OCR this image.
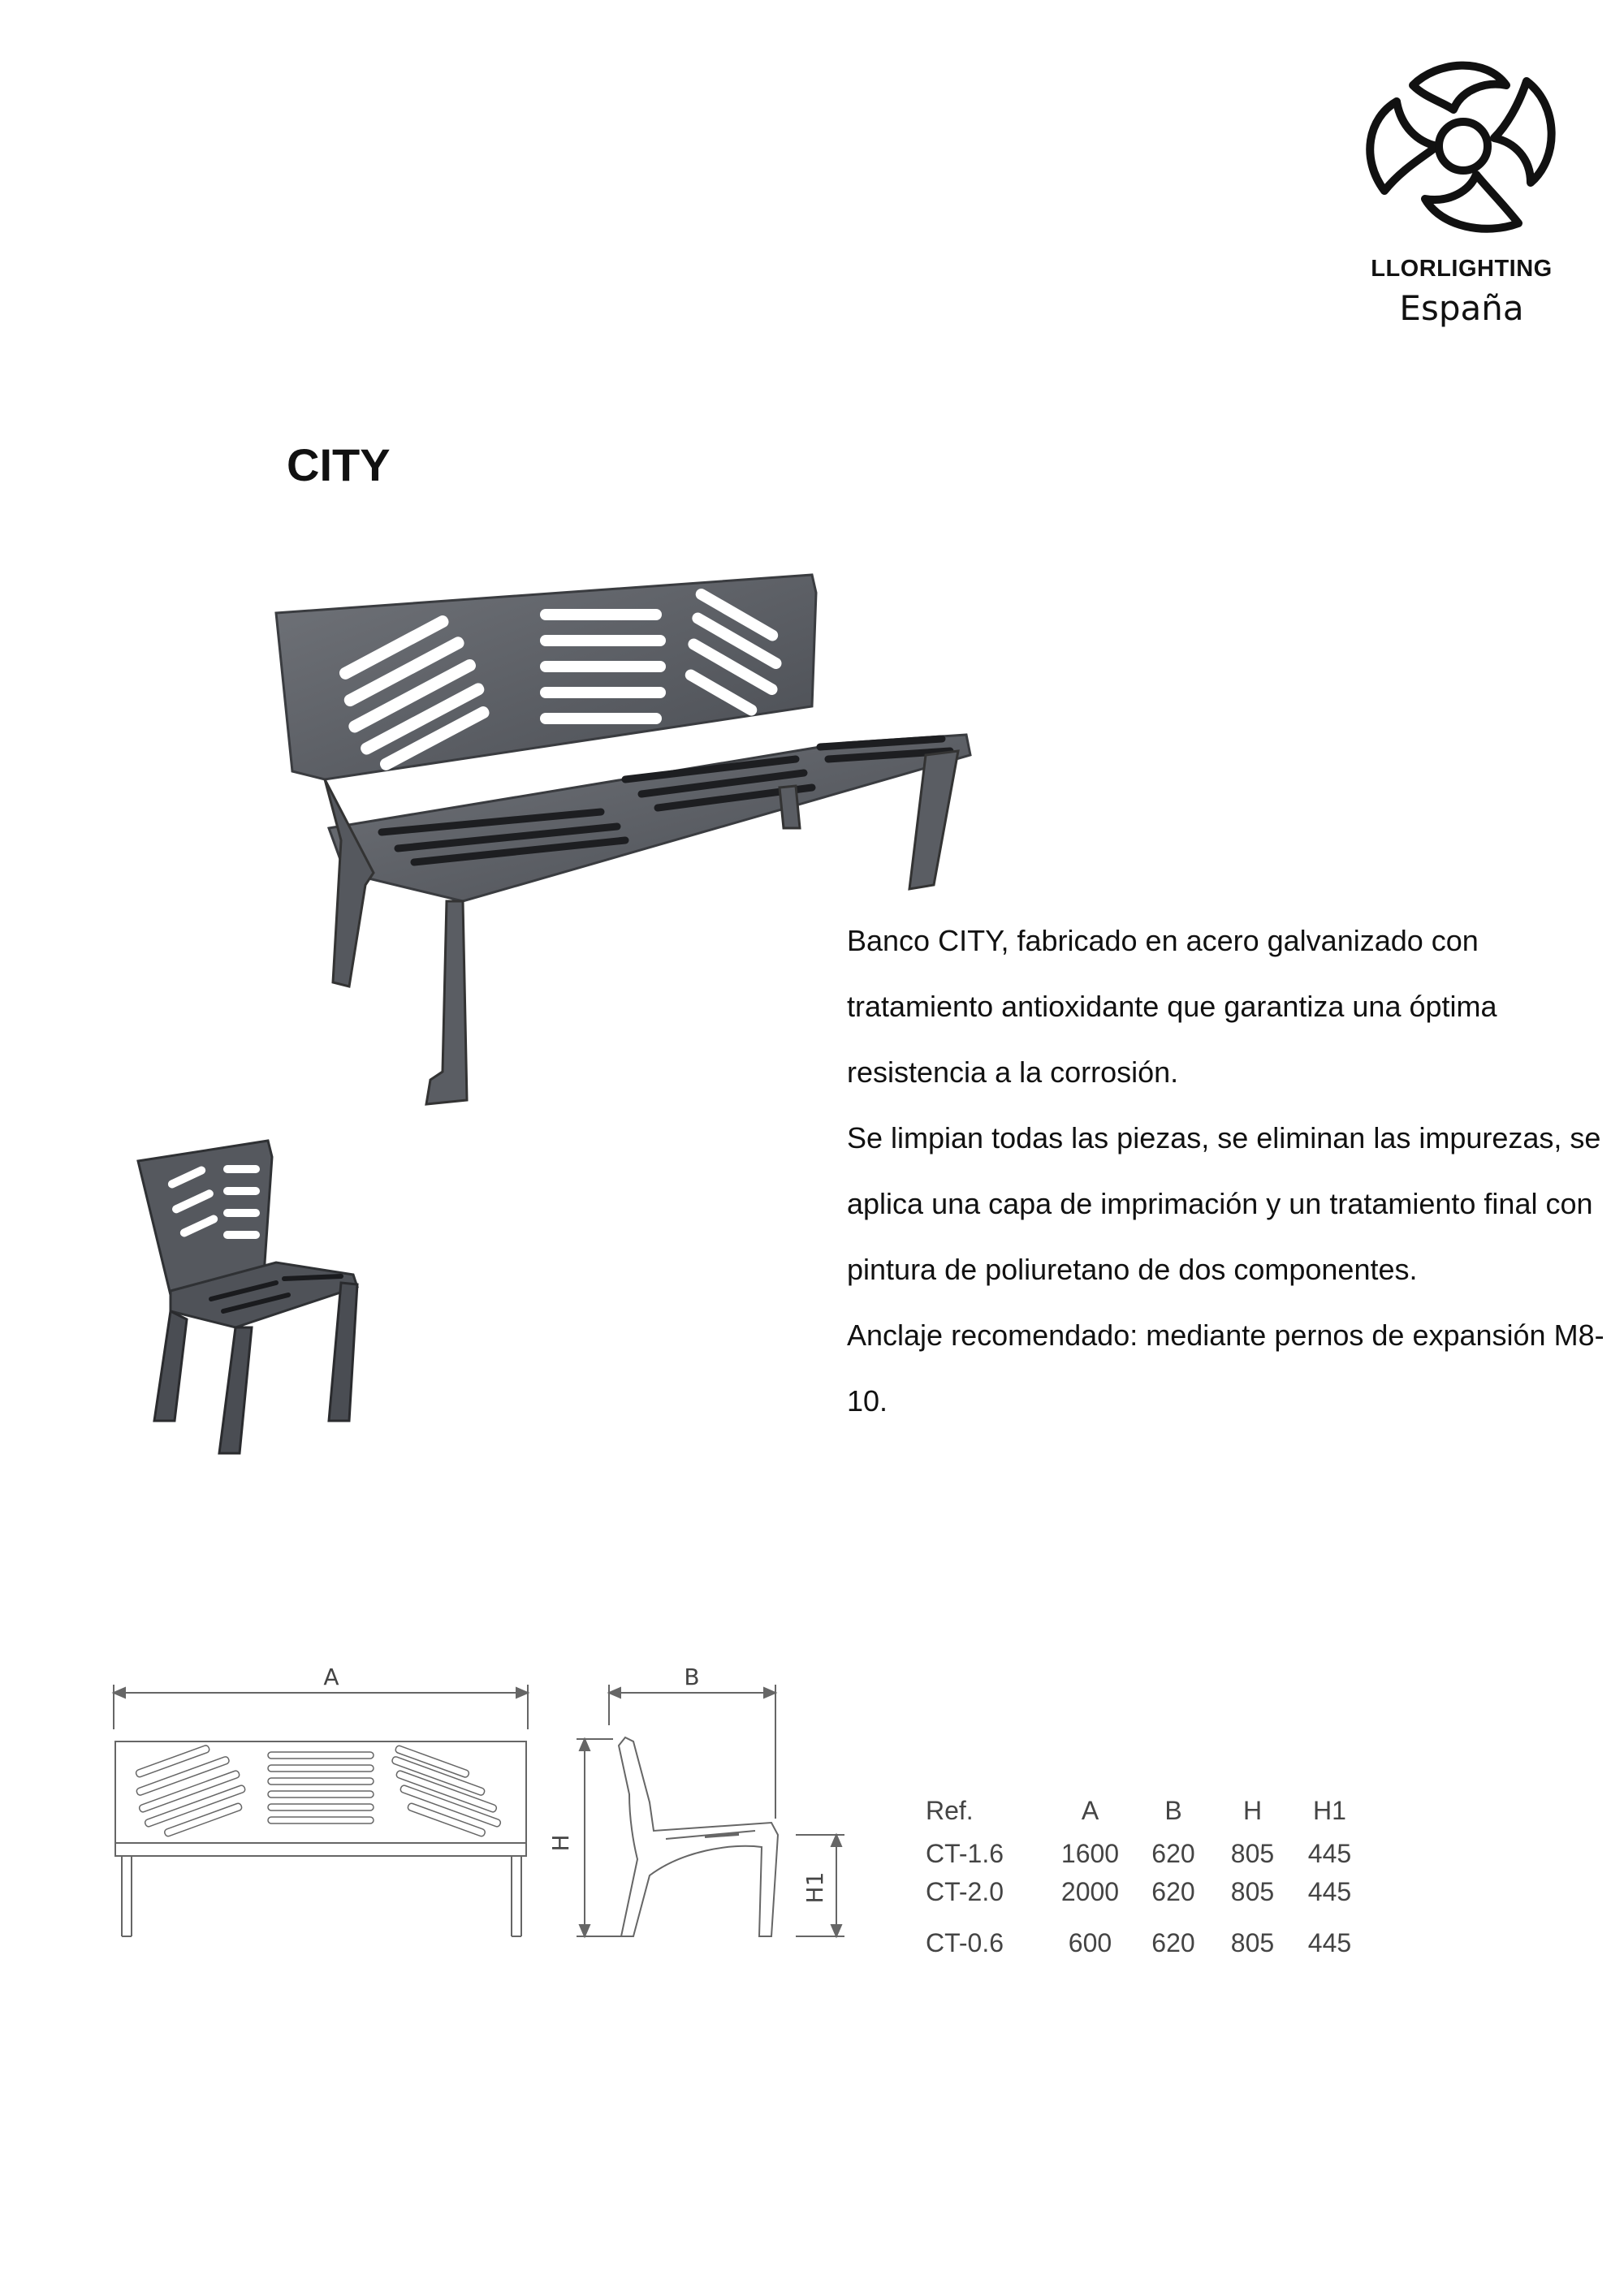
LLORLIGHTING
España
CITY

Banco CITY, fabricado en acero galvanizado con tratamiento antioxidante que garantiza una óptima resistencia a la corrosión.

Se limpian todas las piezas, se eliminan las impurezas, se aplica una capa de imprimación y un tratamiento final con pintura de poliuretano de dos componentes.

Anclaje recomendado: mediante pernos de expansión M8-10.

A	B
H
H1
Ref.	A	B	H	H1
CT-1.6	1600	620	805	445
CT-2.0	2000	620	805	445
CT-0.6	600	620	805	445
